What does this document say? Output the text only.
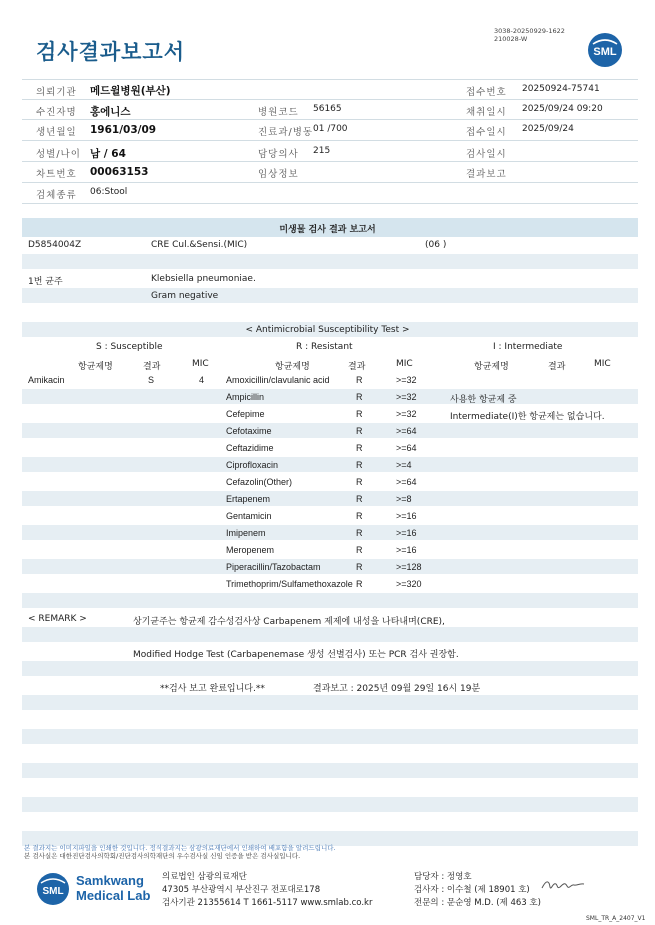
3038-20250929-1622
210028-W
검사결과보고서	SML
의뢰기관 메드윌병원(부산)	접수번호 20250924-75741
수진자명 홍에니스	병원코드 56165	채취일시 2025/09/24 09:20
생년월일 1961/03/09	진료과/병동 01 /700	접수일시 2025/09/24
성별/나이 남 / 64	담당의사 215	검사일시
차트번호 00063153	임상정보	결과보고
검체종류 06:Stool
미생물 검사 결과 보고서
D5854004Z	CRE Cul.&Sensi.(MIC)	(06 )
1번 균주	Klebsiella pneumoniae.
Gram negative
< Antimicrobial Susceptibility Test >
S : Susceptible	R : Resistant	I : Intermediate
항균제명	결과	MIC	항균제명	결과	MIC	항균제명	결과	MIC
Amikacin	S	4 Amoxicillin/clavulanic acid	R	>=32
Ampicillin	R	>=32
Cefepime	R	>=32
Cefotaxime	R	>=64
Ceftazidime	R	>=64
Ciprofloxacin	R	>=4
Cefazolin(Other)	R	>=64
Ertapenem	R	>=8
Gentamicin	R	>=16
Imipenem	R	>=16
Meropenem	R	>=16
Piperacillin/Tazobactam	R	>=128
Trimethoprim/Sulfamethoxazole R	>=320
사용한 항균제 중
Intermediate(I)한 항균제는 없습니다.
< REMARK >	상기균주는 항균제 감수성검사상 Carbapenem 제제에 내성을 나타내며(CRE),
Modified Hodge Test (Carbapenemase 생성 선별검사) 또는 PCR 검사 권장함.
**검사 보고 완료입니다.**	결과보고 : 2025년 09월 29일 16시 19분
본 결과지는 이미지파일을 인쇄한 것입니다. 정식결과지는 삼광의료재단에서 인쇄하여 배포함을 알려드립니다.
본 검사실은 대한진단검사의학회/진단검사의학재단의 우수검사실 신임 인증을 받은 검사실입니다.
SML
Samkwang
Medical Lab
의료법인 삼광의료재단
47305 부산광역시 부산진구 전포대로178
검사기관 21355614 T 1661-5117 www.smlab.co.kr
담당자 : 정영호
검사자 : 이수철 (제 18901 호)
전문의 : 문순영 M.D. (제 463 호)
SML_TR_A_2407_V1
